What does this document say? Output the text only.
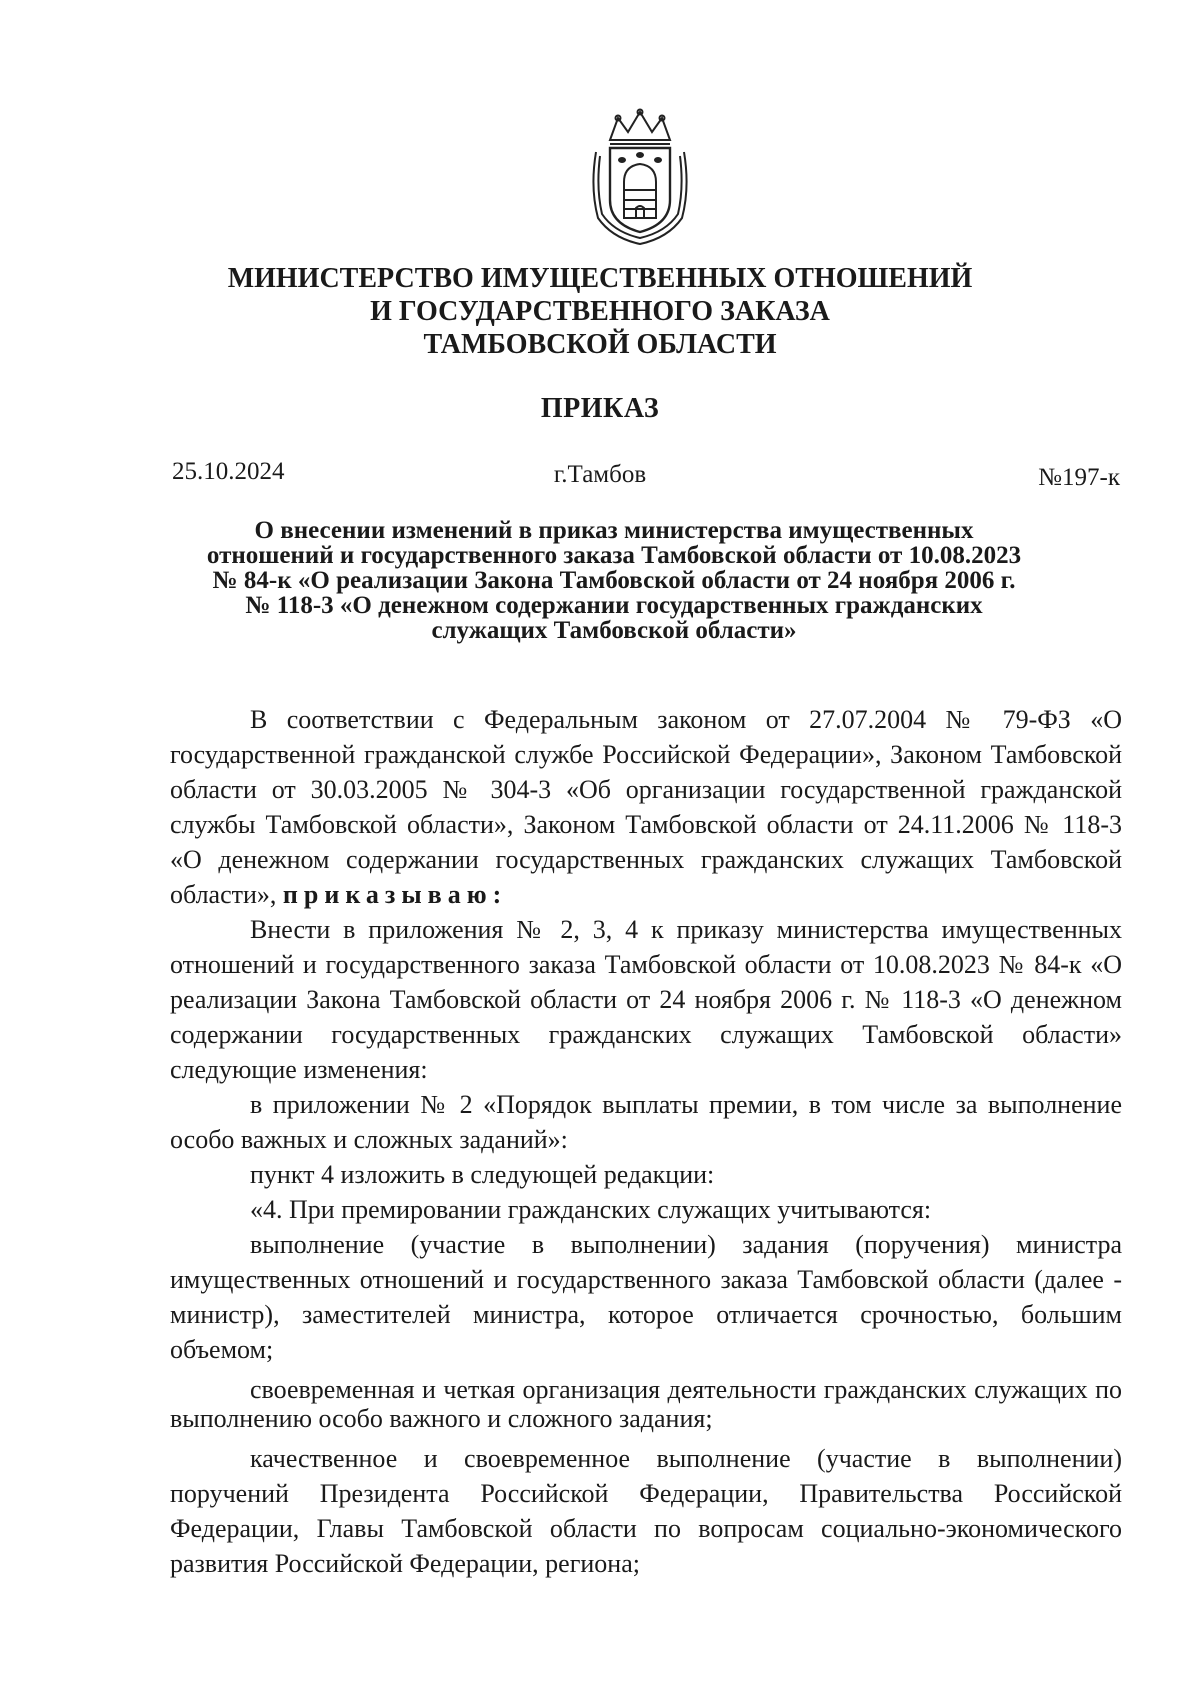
МИНИСТЕРСТВО ИМУЩЕСТВЕННЫХ ОТНОШЕНИЙ
И ГОСУДАРСТВЕННОГО ЗАКАЗА
ТАМБОВСКОЙ ОБЛАСТИ
ПРИКАЗ
25.10.2024	г.Тамбов	№197-к
О внесении изменений в приказ министерства имущественных
отношений и государственного заказа Тамбовской области от 10.08.2023
№ 84-к «О реализации Закона Тамбовской области от 24 ноября 2006 г.
№ 118-3 «О денежном содержании государственных гражданских
служащих Тамбовской области»

В соответствии с Федеральным законом от 27.07.2004 № 79-ФЗ «О государственной гражданской службе Российской Федерации», Законом Тамбовской области от 30.03.2005 № 304-3 «Об организации государственной гражданской службы Тамбовской области», Законом Тамбовской области от 24.11.2006 № 118-3 «О денежном содержании государственных гражданских служащих Тамбовской области», приказываю:

Внести в приложения № 2, 3, 4 к приказу министерства имущественных отношений и государственного заказа Тамбовской области от 10.08.2023 № 84-к «О реализации Закона Тамбовской области от 24 ноября 2006 г. № 118-3 «О денежном содержании государственных гражданских служащих Тамбовской области» следующие изменения:

в приложении № 2 «Порядок выплаты премии, в том числе за выполнение особо важных и сложных заданий»:

пункт 4 изложить в следующей редакции:

«4. При премировании гражданских служащих учитываются:

выполнение (участие в выполнении) задания (поручения) министра имущественных отношений и государственного заказа Тамбовской области (далее - министр), заместителей министра, которое отличается срочностью, большим объемом;

своевременная и четкая организация деятельности гражданских служащих по выполнению особо важного и сложного задания;

качественное и своевременное выполнение (участие в выполнении) поручений Президента Российской Федерации, Правительства Российской Федерации, Главы Тамбовской области по вопросам социально-экономического развития Российской Федерации, региона;
